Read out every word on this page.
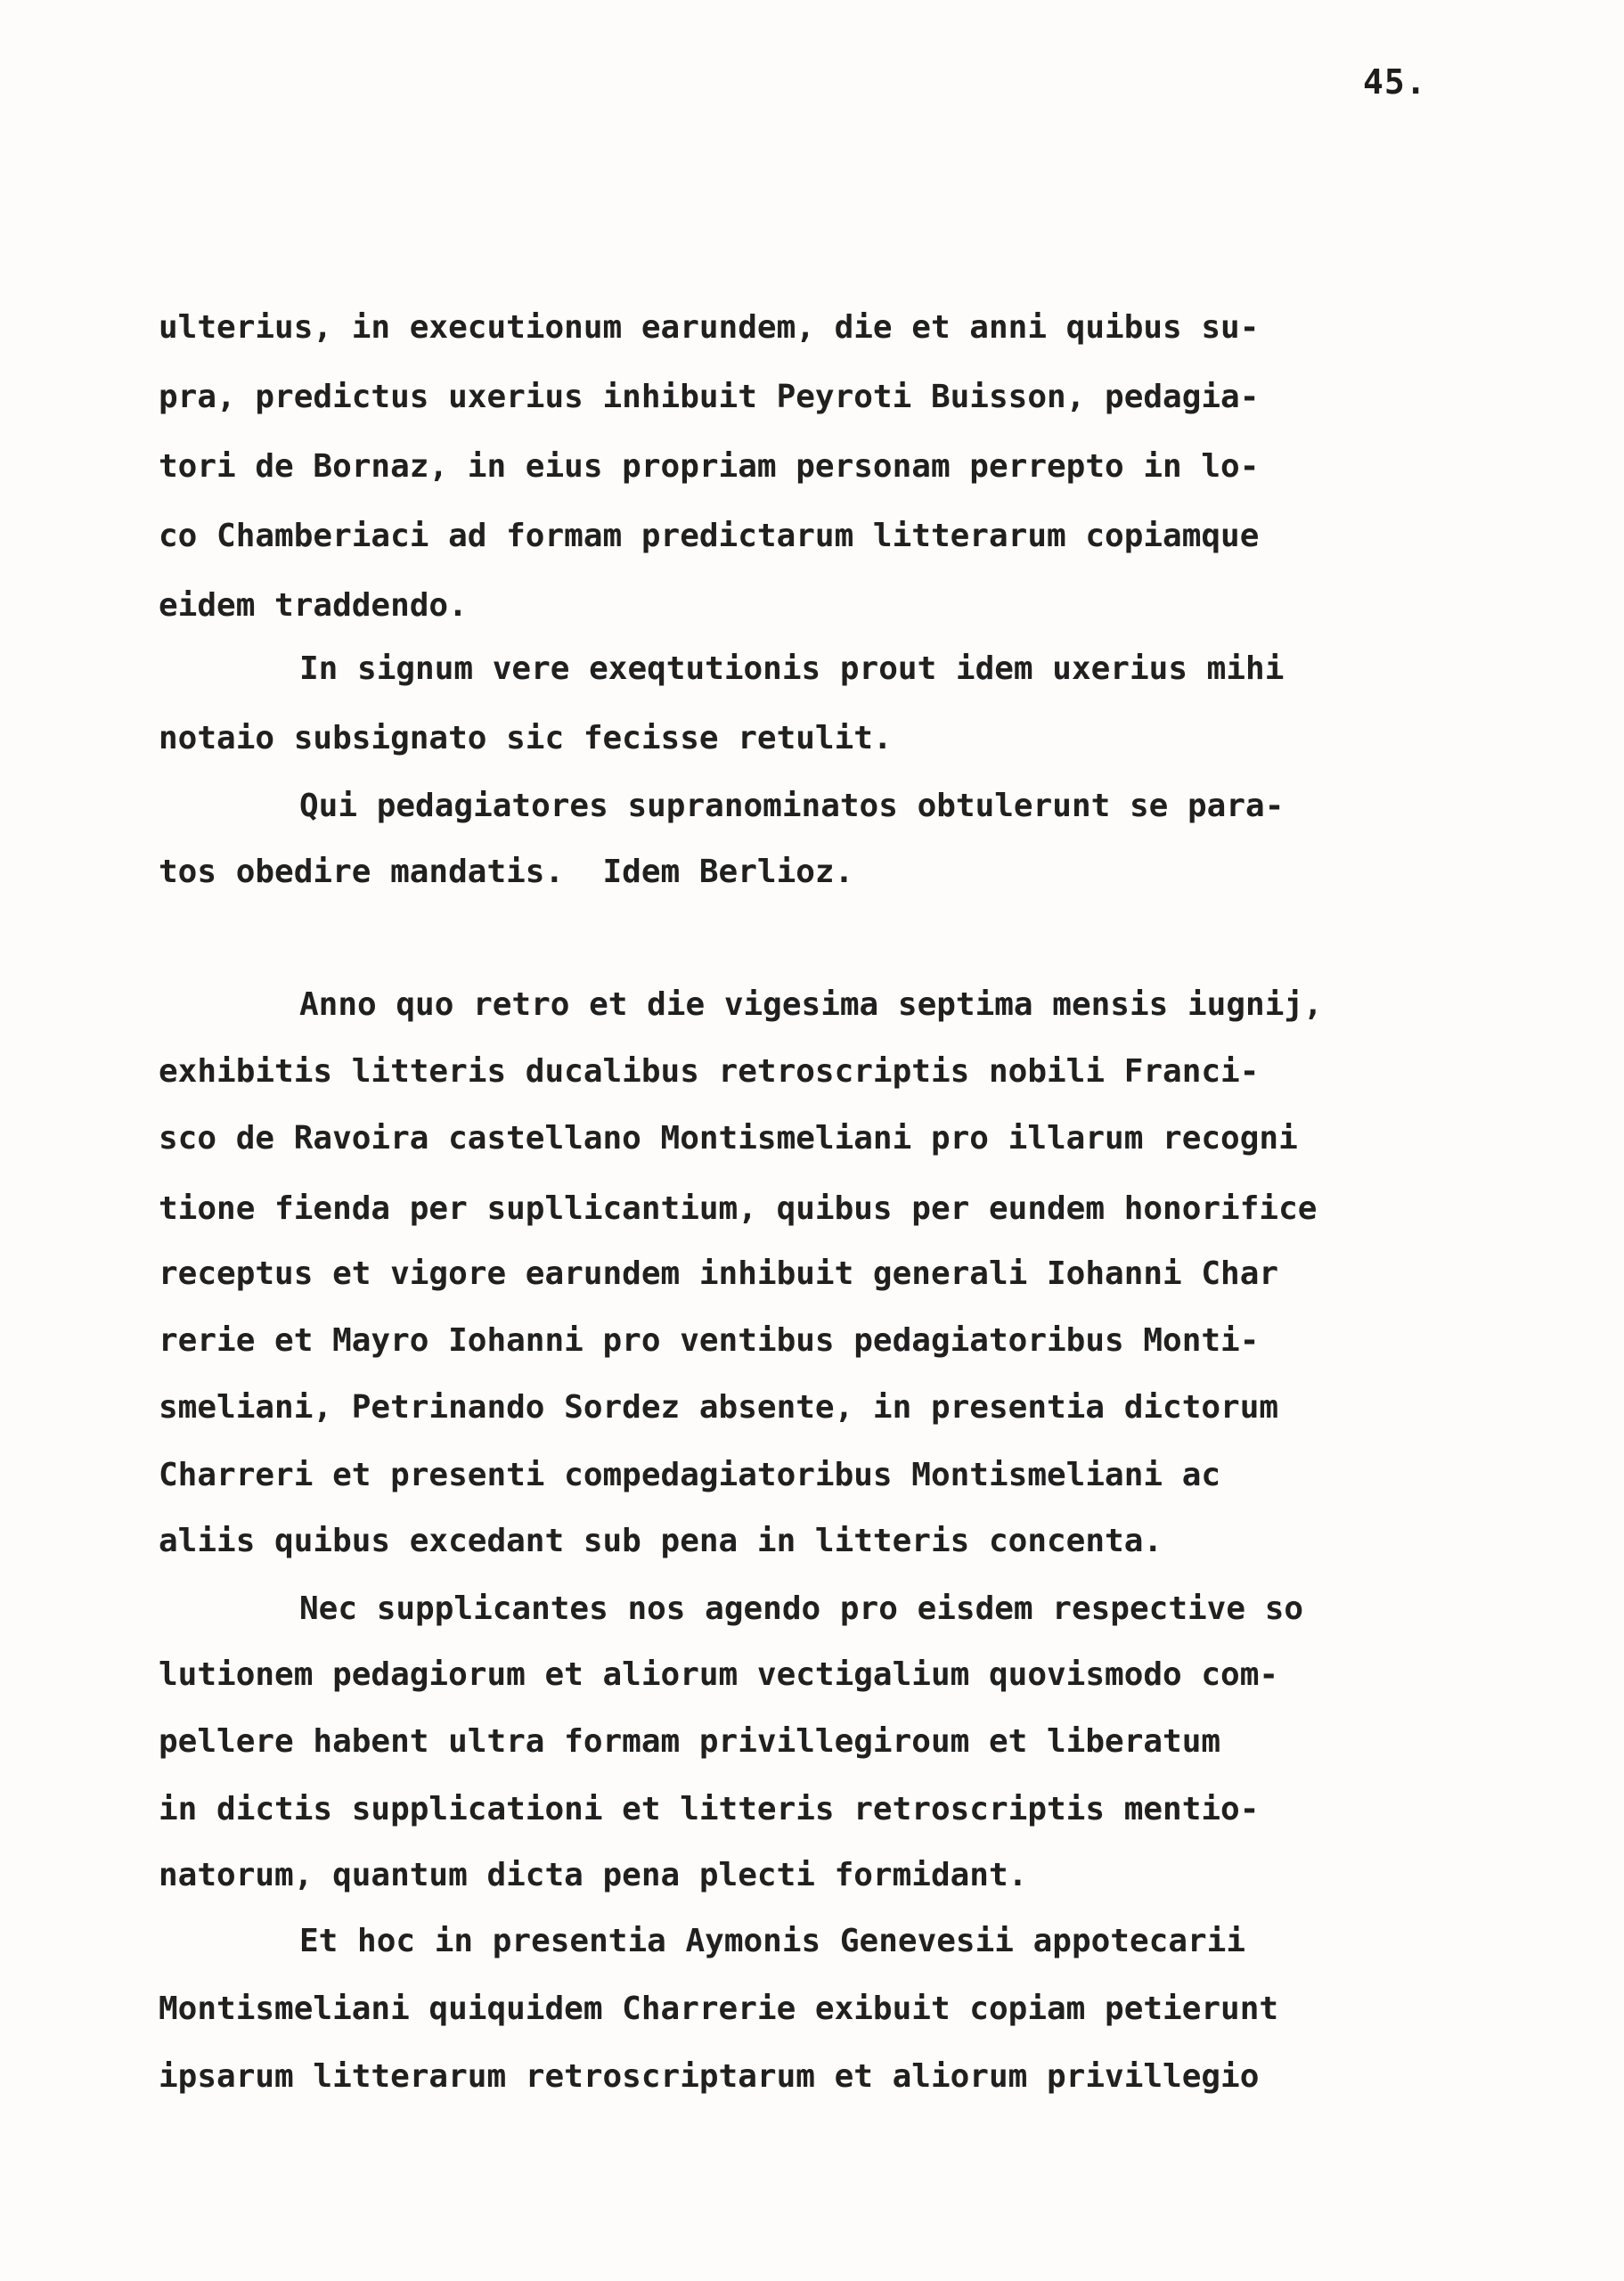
45.
ulterius, in executionum earundem, die et anni quibus su-
pra, predictus uxerius inhibuit Peyroti Buisson, pedagia-
tori de Bornaz, in eius propriam personam perrepto in lo-
co Chamberiaci ad formam predictarum litterarum copiamque
eidem traddendo.
In signum vere exeqtutionis prout idem uxerius mihi
notaio subsignato sic fecisse retulit.
Qui pedagiatores supranominatos obtulerunt se para-
tos obedire mandatis.  Idem Berlioz.
Anno quo retro et die vigesima septima mensis iugnij,
exhibitis litteris ducalibus retroscriptis nobili Franci-
sco de Ravoira castellano Montismeliani pro illarum recogni
tione fienda per supllicantium, quibus per eundem honorifice
receptus et vigore earundem inhibuit generali Iohanni Char
rerie et Mayro Iohanni pro ventibus pedagiatoribus Monti-
smeliani, Petrinando Sordez absente, in presentia dictorum
Charreri et presenti compedagiatoribus Montismeliani ac
aliis quibus excedant sub pena in litteris concenta.
Nec supplicantes nos agendo pro eisdem respective so
lutionem pedagiorum et aliorum vectigalium quovismodo com-
pellere habent ultra formam privillegiroum et liberatum
in dictis supplicationi et litteris retroscriptis mentio-
natorum, quantum dicta pena plecti formidant.
Et hoc in presentia Aymonis Genevesii appotecarii
Montismeliani quiquidem Charrerie exibuit copiam petierunt
ipsarum litterarum retroscriptarum et aliorum privillegio
